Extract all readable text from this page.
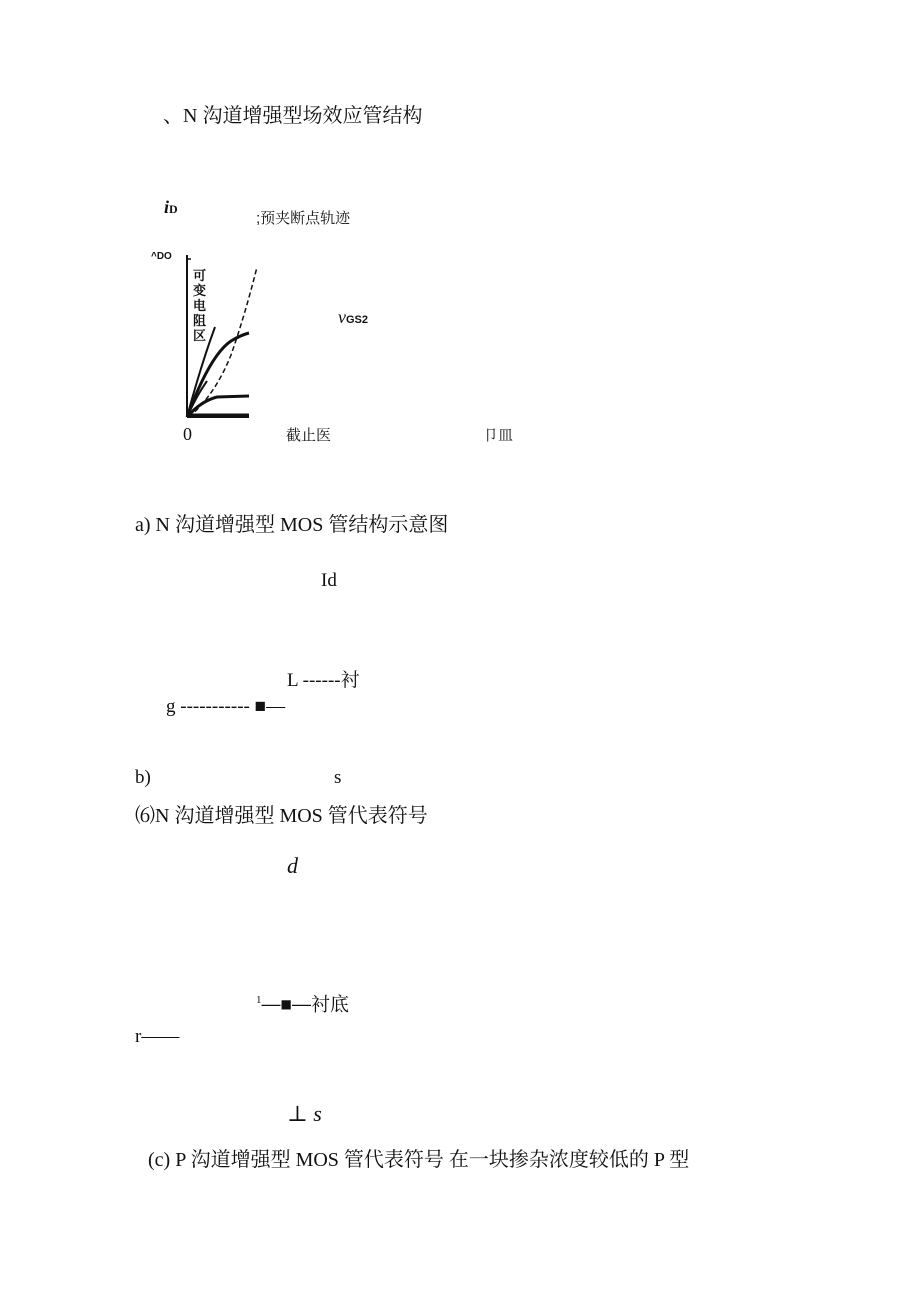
、N 沟道增强型场效应管结构
iD
;预夹断点轨迹
^DO
可变电阻区
vGS2
0	截止医	卩皿
a) N 沟道增强型 MOS 管结构示意图
Id
L ------衬
g ----------- ■—
b)	s
⑹N 沟道增强型 MOS 管代表符号
d
$^1$—■—衬底
r——
⊥ s
(c) P 沟道增强型 MOS 管代表符号 在一块掺杂浓度较低的 P 型
